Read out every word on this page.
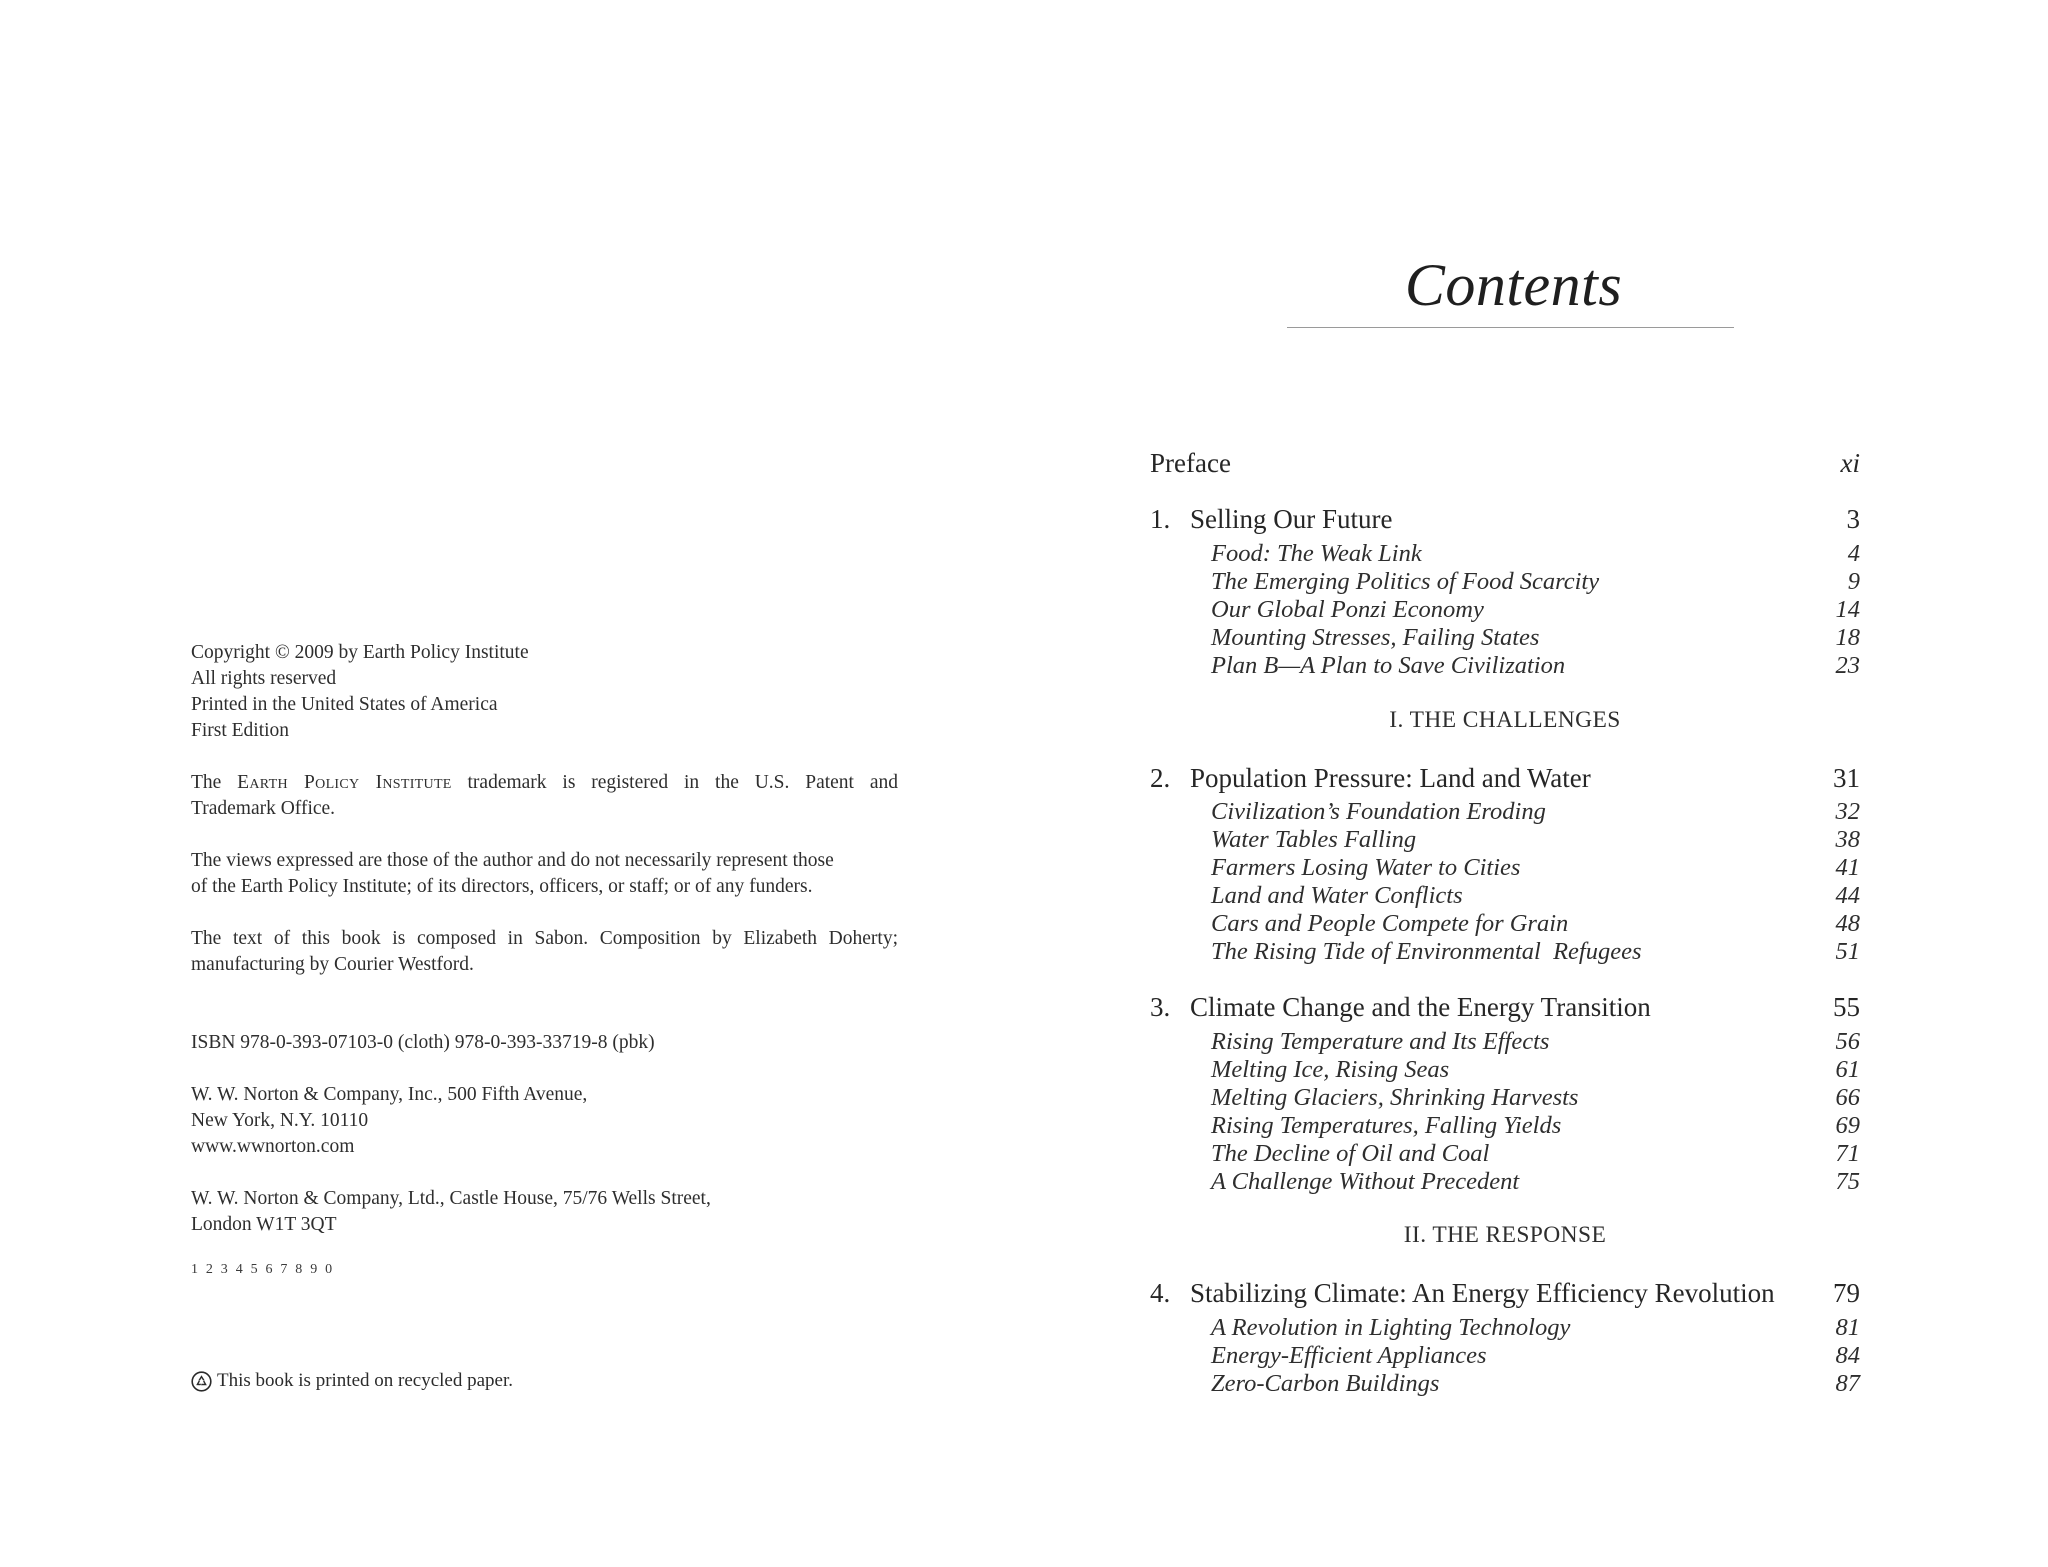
Copyright © 2009 by Earth Policy Institute
All rights reserved
Printed in the United States of America
First Edition
The Earth Policy Institute trademark is registered in the U.S. Patent and
Trademark Office.
The views expressed are those of the author and do not necessarily represent those
of the Earth Policy Institute; of its directors, officers, or staff; or of any funders.
The text of this book is composed in Sabon. Composition by Elizabeth Doherty;
manufacturing by Courier Westford.
ISBN 978-0-393-07103-0 (cloth) 978-0-393-33719-8 (pbk)
W. W. Norton & Company, Inc., 500 Fifth Avenue,
New York, N.Y. 10110
www.wwnorton.com
W. W. Norton & Company, Ltd., Castle House, 75/76 Wells Street,
London W1T 3QT
1 2 3 4 5 6 7 8 9 0
This book is printed on recycled paper.
Contents
Preface	xi
1. Selling Our Future	3
Food: The Weak Link	4
The Emerging Politics of Food Scarcity	9
Our Global Ponzi Economy	14
Mounting Stresses, Failing States	18
Plan B—A Plan to Save Civilization	23
I. THE CHALLENGES
2. Population Pressure: Land and Water	31
Civilization’s Foundation Eroding	32
Water Tables Falling	38
Farmers Losing Water to Cities	41
Land and Water Conflicts	44
Cars and People Compete for Grain	48
The Rising Tide of Environmental  Refugees	51
3. Climate Change and the Energy Transition	55
Rising Temperature and Its Effects	56
Melting Ice, Rising Seas	61
Melting Glaciers, Shrinking Harvests	66
Rising Temperatures, Falling Yields	69
The Decline of Oil and Coal	71
A Challenge Without Precedent	75
II. THE RESPONSE
4. Stabilizing Climate: An Energy Efficiency Revolution	79
A Revolution in Lighting Technology	81
Energy-Efficient Appliances	84
Zero-Carbon Buildings	87
